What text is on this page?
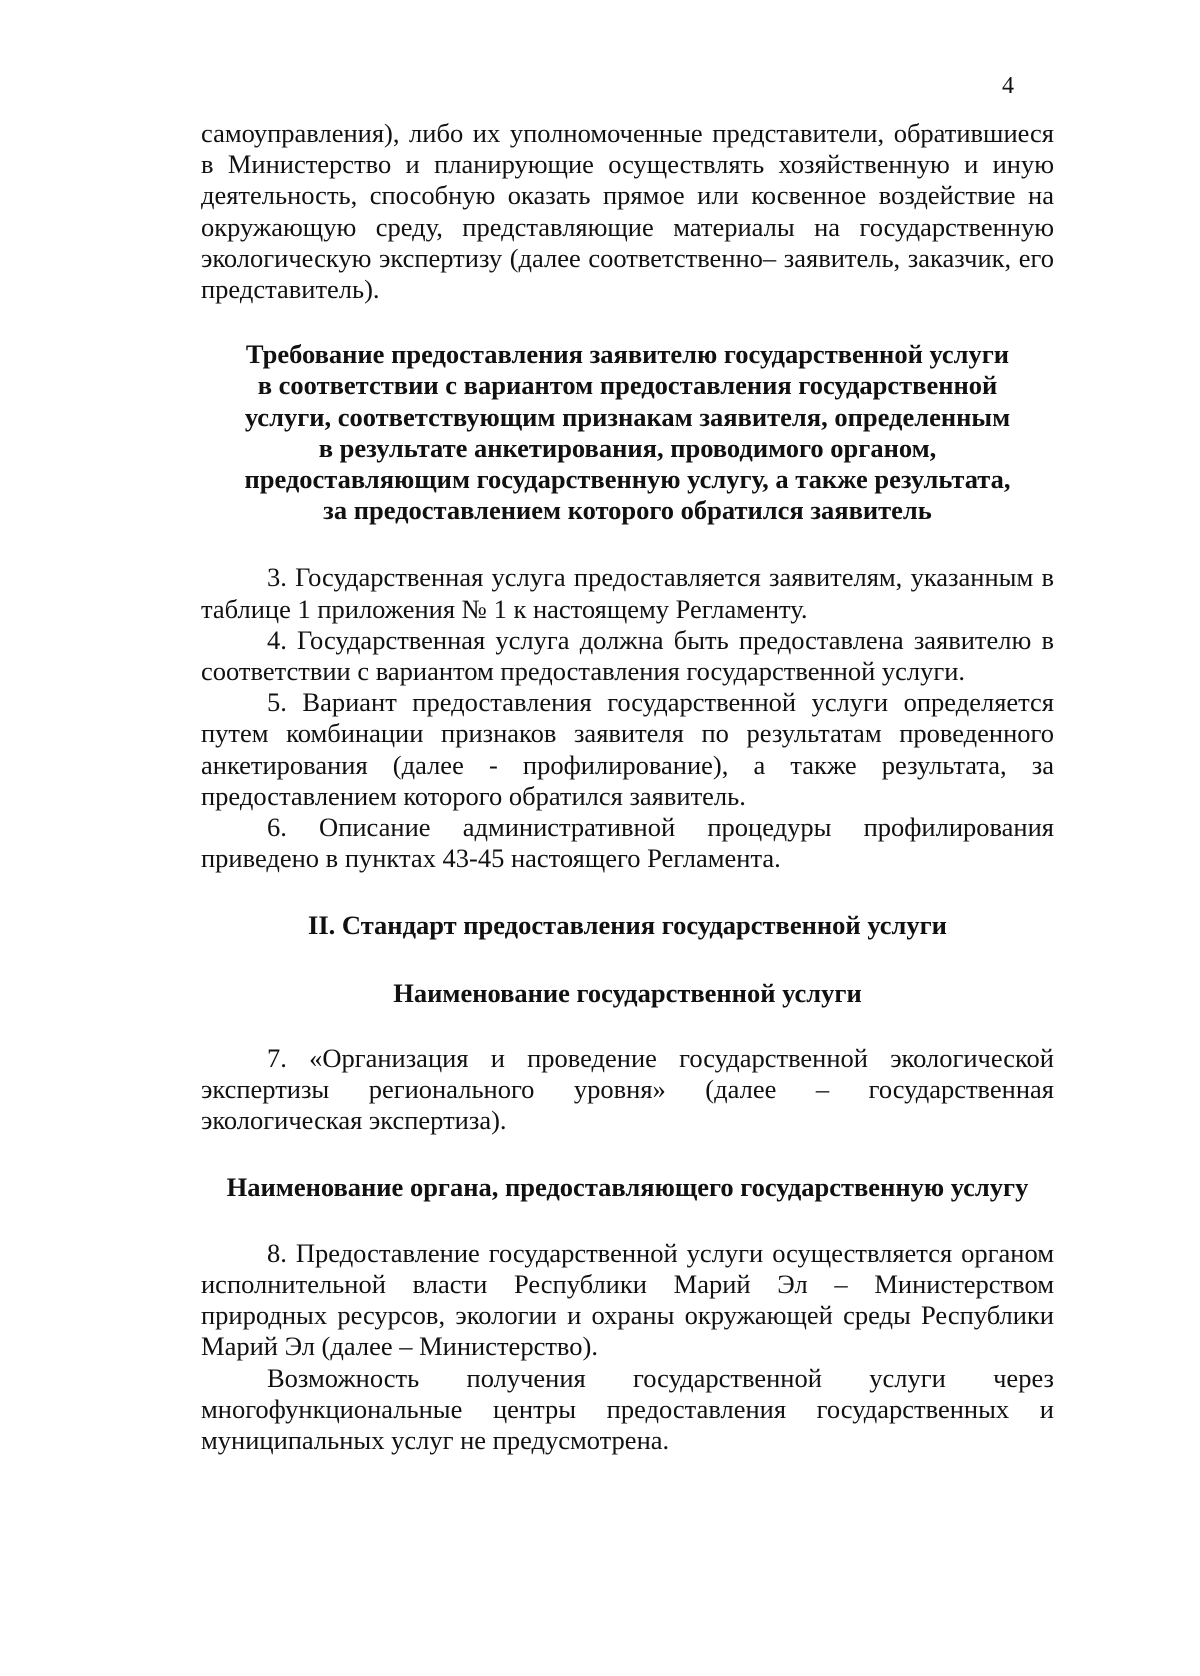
4

самоуправления), либо их уполномоченные представители, обратившиеся в Министерство и планирующие осуществлять хозяйственную и иную деятельность, способную оказать прямое или косвенное воздействие на окружающую среду, представляющие материалы на государственную экологическую экспертизу (далее соответственно– заявитель, заказчик, его представитель).

Требование предоставления заявителю государственной услуги
в соответствии с вариантом предоставления государственной
услуги, соответствующим признакам заявителя, определенным
в результате анкетирования, проводимого органом,
предоставляющим государственную услугу, а также результата,
за предоставлением которого обратился заявитель

3. Государственная услуга предоставляется заявителям, указанным в таблице 1 приложения № 1 к настоящему Регламенту.

4. Государственная услуга должна быть предоставлена заявителю в соответствии с вариантом предоставления государственной услуги.

5. Вариант предоставления государственной услуги определяется путем комбинации признаков заявителя по результатам проведенного анкетирования (далее - профилирование), а также результата, за предоставлением которого обратился заявитель.

6. Описание административной процедуры профилирования приведено в пунктах 43-45 настоящего Регламента.

II. Стандарт предоставления государственной услуги
Наименование государственной услуги

7. «Организация и проведение государственной экологической экспертизы регионального уровня» (далее – государственная экологическая экспертиза).

Наименование органа, предоставляющего государственную услугу

8. Предоставление государственной услуги осуществляется органом исполнительной власти Республики Марий Эл – Министерством природных ресурсов, экологии и охраны окружающей среды Республики Марий Эл (далее – Министерство).

Возможность получения государственной услуги через многофункциональные центры предоставления государственных и муниципальных услуг не предусмотрена.
